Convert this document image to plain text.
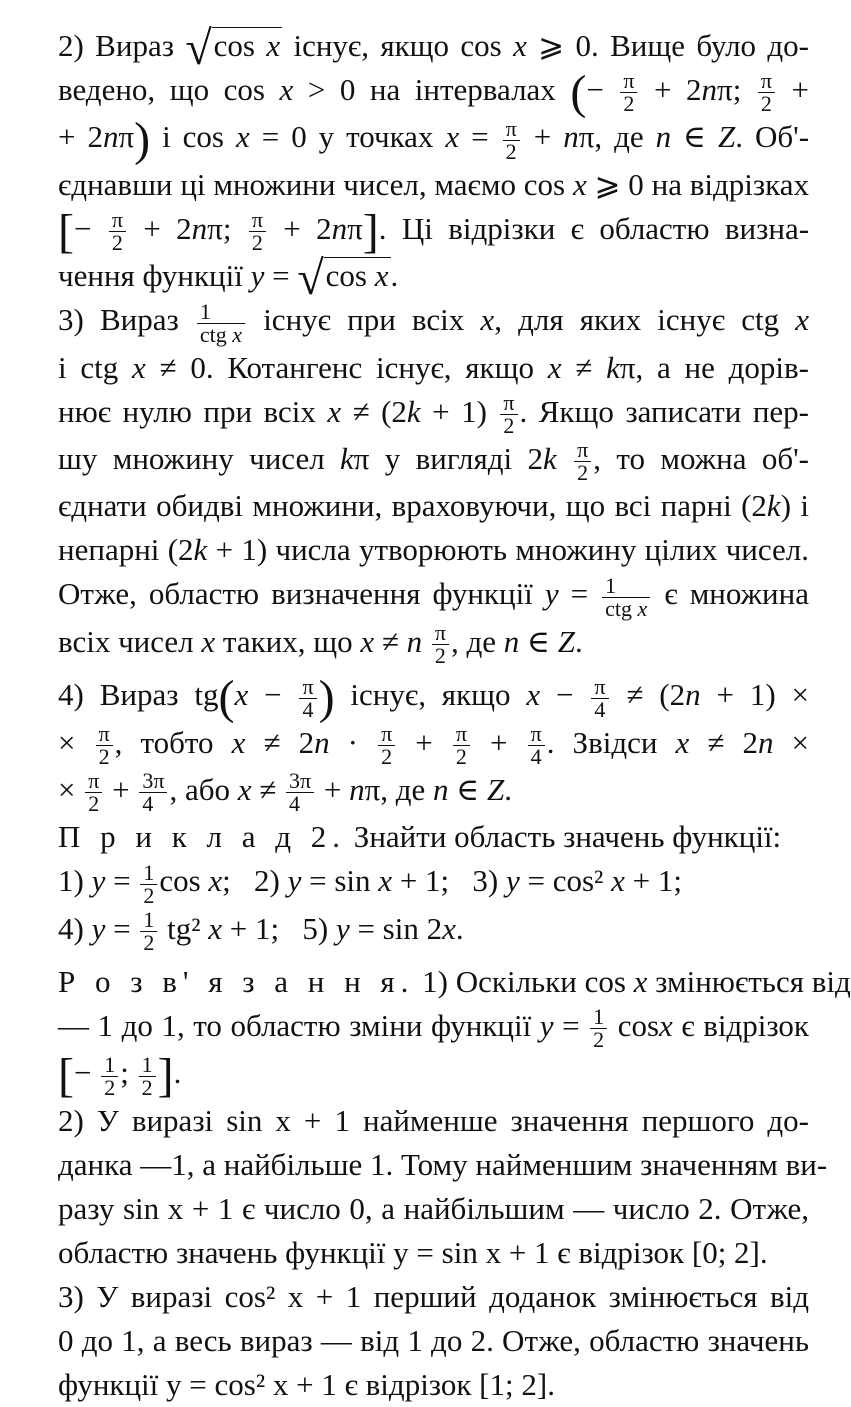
2) Вираз √cos x існує, якщо cos x ⩾ 0. Вище було до-
ведено, що cos x > 0 на інтервалах (− $\frac{\pi}{2} + 2n\pi$; $\frac{\pi}{2}$ +
+ 2nπ) і cos x = 0 у точках $x = \frac{\pi}{2} + n\pi$, де n ∈ Z. Об'-
єднавши ці множини чисел, маємо cos x ⩾ 0 на відрізках
[− $\frac{\pi}{2} + 2n\pi$; $\frac{\pi}{2} + 2n\pi$]. Ці відрізки є областю визна-
чення функції y = √cos x.
3) Вираз $\frac{1}{\text{ctg x}}$ існує при всіх x, для яких існує ctg x
і ctg x ≠ 0. Котангенс існує, якщо x ≠ kπ, а не дорів-
нює нулю при всіх $x \ne (2k + 1) \frac{\pi}{2}$ . Якщо записати пер-
шу множину чисел kπ у вигляді $2k \frac{\pi}{2}$ , то можна об'-
єднати обидві множини, враховуючи, що всі парні (2k) і
непарні (2k + 1) числа утворюють множину цілих чисел.
Отже, областю визначення функції $y = \frac{1}{\text{ctg x}}$ є множина
всіх чисел x таких, що x ≠ n $\frac{\pi}{2}$ , де n ∈ Z.
4) Вираз $tg(x - \frac{\pi}{4}$ ) існує, якщо $x - \frac{\pi}{4} \ne (2n + 1)$ ×
× $\frac{\pi}{2}$ , тобто $x \ne 2n \cdot \frac{\pi}{2} + \frac{\pi}{2} + \frac{\pi}{4}$ . Звідси x ≠ 2n ×
× $\frac{\pi}{2} + \frac{3\pi}{4}$ , або $x \ne \frac{3\pi}{4} + n\pi$, де n ∈ Z.
П р и к л а д 2. Знайти область значень функції:
1) $y = \frac{1}{2}$ cos x;   2) y = sin x + 1;   3) y = cos² x + 1;
4) $y = \frac{1}{2} tg^2$ x + 1;   5) y = sin 2x.
Р о з в' я з а н н я. 1) Оскільки cos x змінюється від
— 1 до 1, то областю зміни функції $y = \frac{1}{2}$ cosx є відрізок
[− $\frac{1}{2}$ ; $\frac{1}{2}$ ].
2) У виразі sin x + 1 найменше значення першого до-
данка —1, а найбільше 1. Тому найменшим значенням ви-
разу sin x + 1 є число 0, а найбільшим — число 2. Отже,
областю значень функції y = sin x + 1 є відрізок [0; 2].
3) У виразі cos² x + 1 перший доданок змінюється від
0 до 1, а весь вираз — від 1 до 2. Отже, областю значень
функції y = cos² x + 1 є відрізок [1; 2].
